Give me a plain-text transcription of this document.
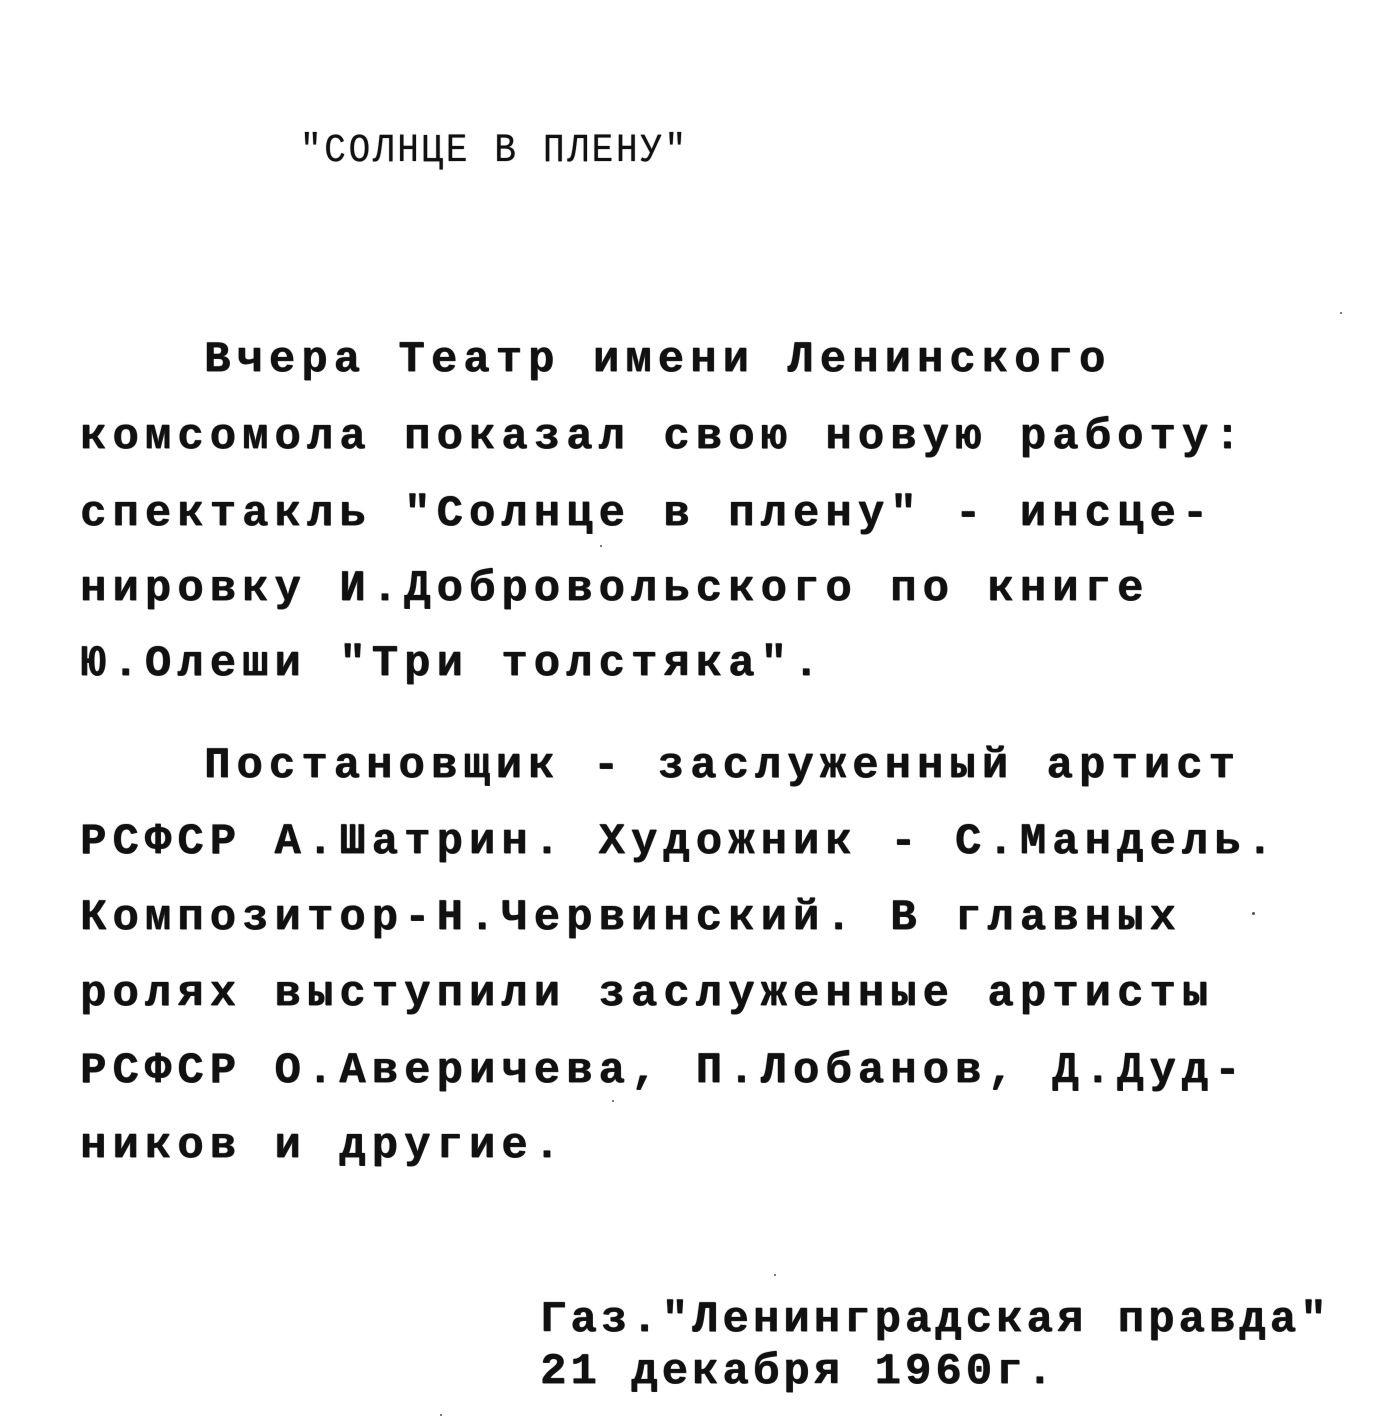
"СОЛНЦЕ В ПЛЕНУ"
Вчера Театр имени Ленинского
комсомола показал свою новую работу:
спектакль "Солнце в плену" - инсце-
нировку И.Добровольского по книге
Ю.Олеши "Три толстяка".
Постановщик - заслуженный артист
РСФСР А.Шатрин. Художник - С.Мандель.
Композитор-Н.Червинский. В главных
ролях выступили заслуженные артисты
РСФСР О.Аверичева, П.Лобанов, Д.Дуд-
ников и другие.
Газ."Ленинградская правда"
21 декабря 1960г.
